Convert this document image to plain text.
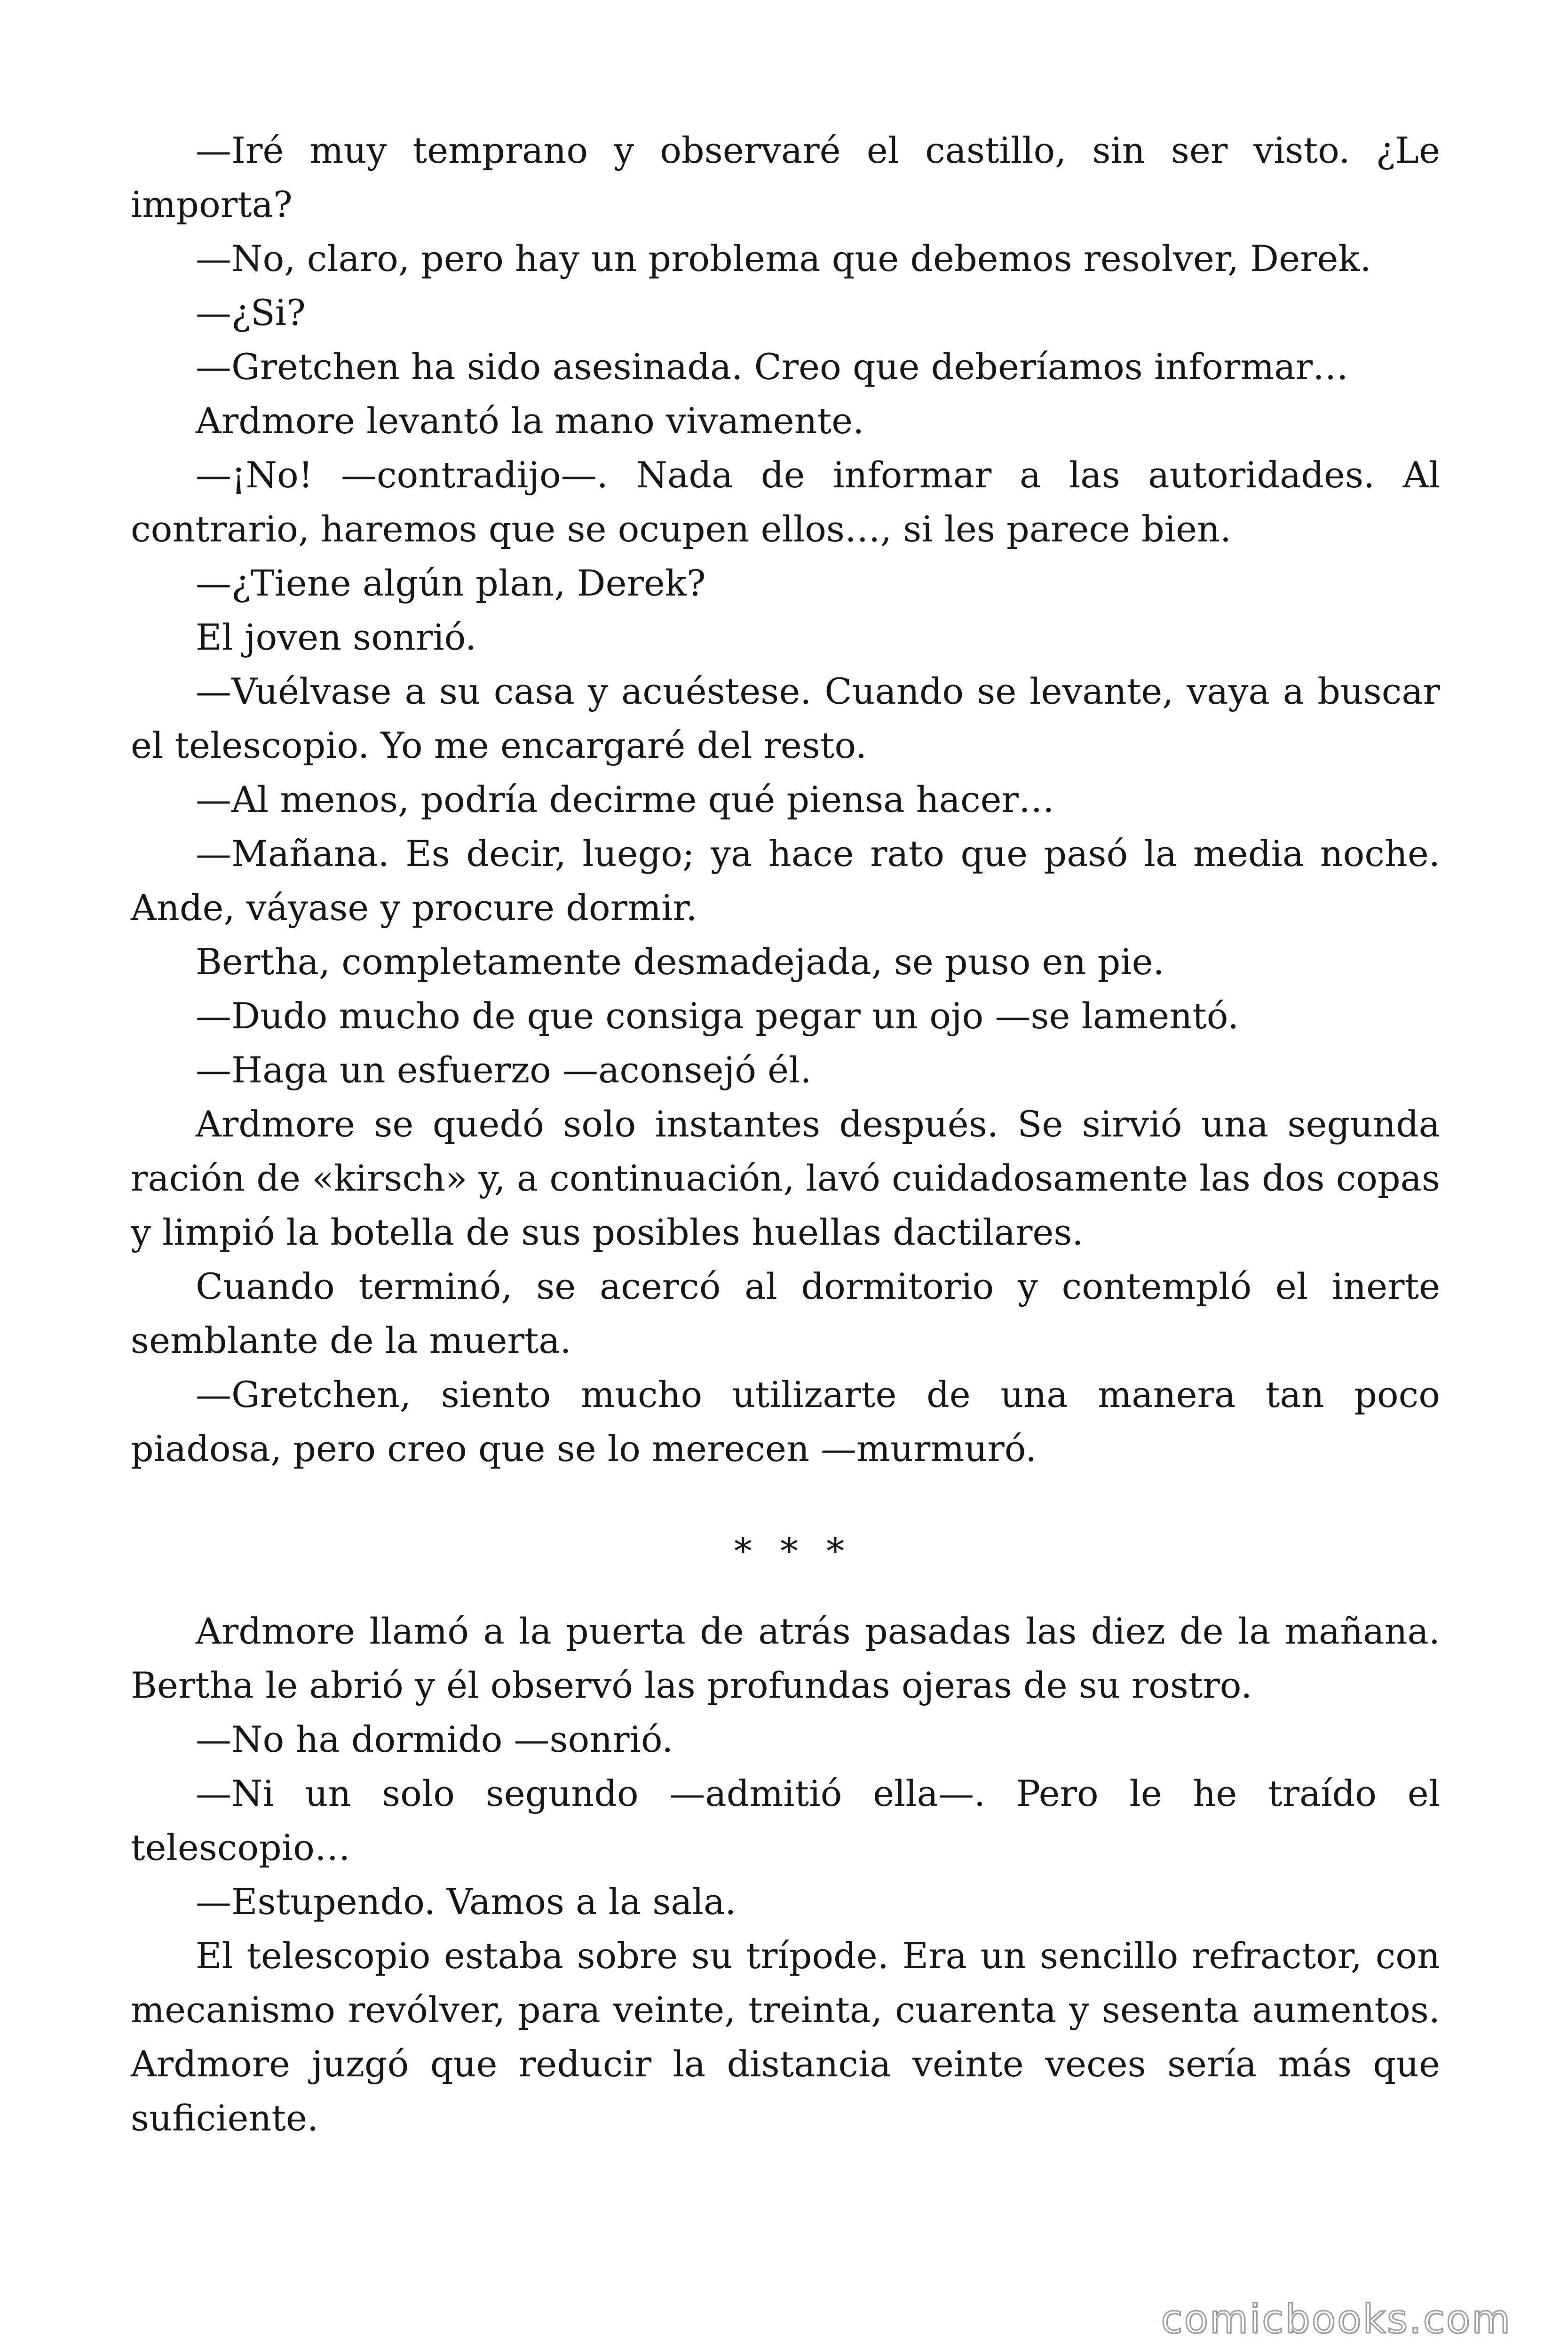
—Iré muy temprano y observaré el castillo, sin ser visto. ¿Le importa?

—No, claro, pero hay un problema que debemos resolver, Derek.

—¿Si?

—Gretchen ha sido asesinada. Creo que deberíamos informar…

Ardmore levantó la mano vivamente.

—¡No! —contradijo—. Nada de informar a las autoridades. Al contrario, haremos que se ocupen ellos…, si les parece bien.

—¿Tiene algún plan, Derek?

El joven sonrió.

—Vuélvase a su casa y acuéstese. Cuando se levante, vaya a buscar el telescopio. Yo me encargaré del resto.

—Al menos, podría decirme qué piensa hacer…

—Mañana. Es decir, luego; ya hace rato que pasó la media noche. Ande, váyase y procure dormir.

Bertha, completamente desmadejada, se puso en pie.

—Dudo mucho de que consiga pegar un ojo —se lamentó.

—Haga un esfuerzo —aconsejó él.

Ardmore se quedó solo instantes después. Se sirvió una segunda ración de «kirsch» y, a continuación, lavó cuidadosamente las dos copas y limpió la botella de sus posibles huellas dactilares.

Cuando terminó, se acercó al dormitorio y contempló el inerte semblante de la muerta.

—Gretchen, siento mucho utilizarte de una manera tan poco piadosa, pero creo que se lo merecen —murmuró.

* * *

Ardmore llamó a la puerta de atrás pasadas las diez de la mañana. Bertha le abrió y él observó las profundas ojeras de su rostro.

—No ha dormido —sonrió.

—Ni un solo segundo —admitió ella—. Pero le he traído el telescopio…

—Estupendo. Vamos a la sala.

El telescopio estaba sobre su trípode. Era un sencillo refractor, con mecanismo revólver, para veinte, treinta, cuarenta y sesenta aumentos. Ardmore juzgó que reducir la distancia veinte veces sería más que suficiente.

comicbooks.com
